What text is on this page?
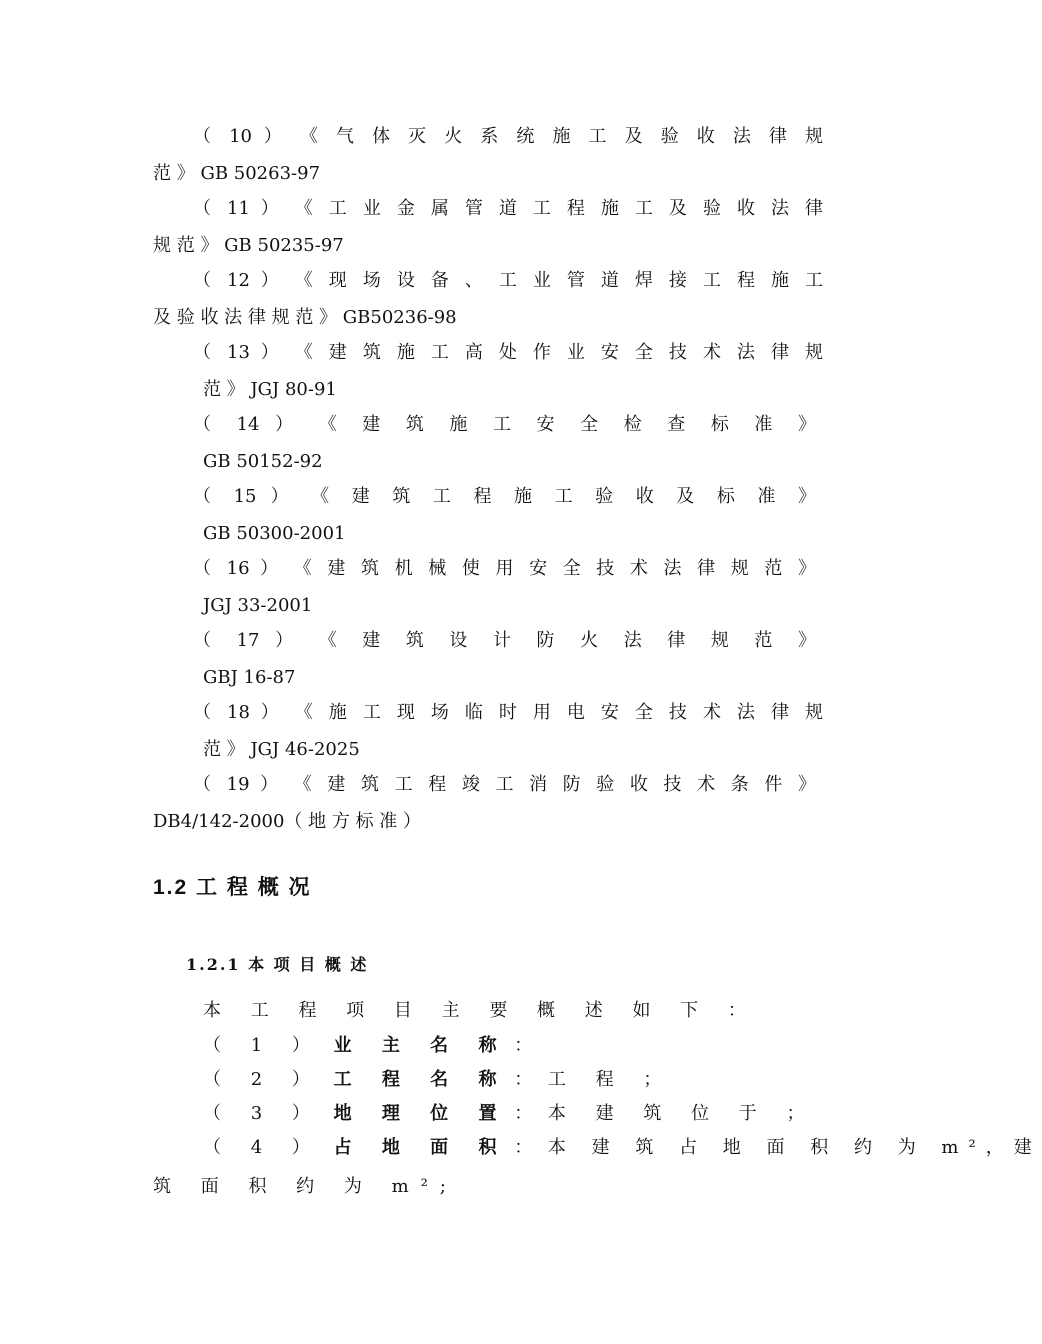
（ 10 ） 《 气 体 灭 火 系 统 施 工 及 验 收 法 律 规
范 》 GB 50263-97
（ 11 ） 《 工 业 金 属 管 道 工 程 施 工 及 验 收 法 律
规 范 》 GB 50235-97
（ 12 ） 《 现 场 设 备 、 工 业 管 道 焊 接 工 程 施 工
及 验 收 法 律 规 范 》 GB50236-98
（ 13 ） 《 建 筑 施 工 高 处 作 业 安 全 技 术 法 律 规
范 》 JGJ 80-91
（ 14 ） 《 建 筑 施 工 安 全 检 查 标 准 》
GB 50152-92
（ 15 ） 《 建 筑 工 程 施 工 验 收 及 标 准 》
GB 50300-2001
（ 16 ） 《 建 筑 机 械 使 用 安 全 技 术 法 律 规 范 》
JGJ 33-2001
（ 17 ） 《 建 筑 设 计 防 火 法 律 规 范 》
GBJ 16-87
（ 18 ） 《 施 工 现 场 临 时 用 电 安 全 技 术 法 律 规
范 》 JGJ 46-2025
（ 19 ） 《 建 筑 工 程 竣 工 消 防 验 收 技 术 条 件 》
DB4/142-2000（ 地 方 标 准 ）
1.2 工 程 概 况
1.2.1 本 项 目 概 述
本 工 程 项 目 主 要 概 述 如 下 ：
（ 1 ） 业 主 名 称 ：
（ 2 ） 工 程 名 称 ： 工 程 ；
（ 3 ） 地 理 位 置 ： 本 建 筑 位 于 ；
（ 4 ） 占 地 面 积 ： 本 建 筑 占 地 面 积 约 为 m²，建
筑 面 积 约 为 m²;
